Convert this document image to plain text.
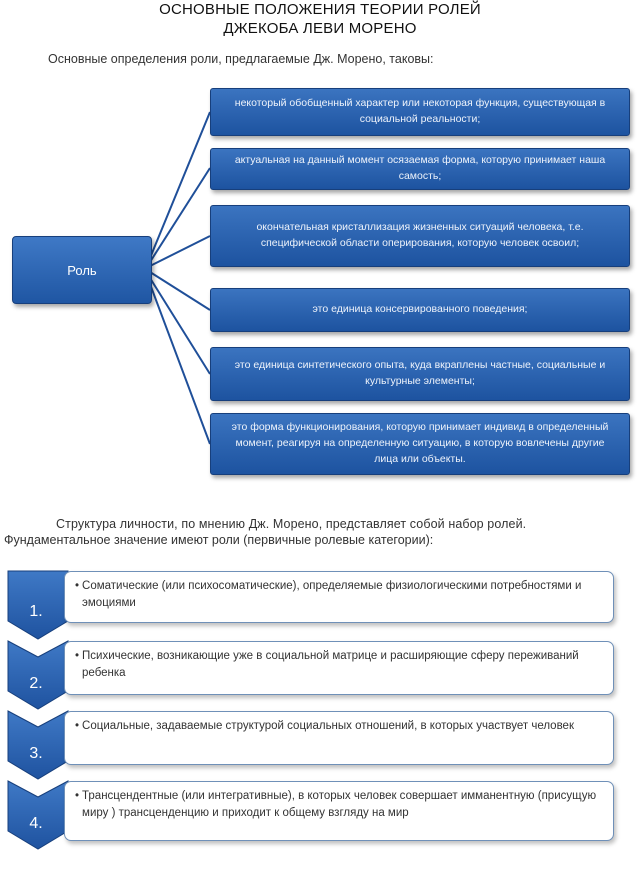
ОСНОВНЫЕ ПОЛОЖЕНИЯ ТЕОРИИ РОЛЕЙ
ДЖЕКОБА ЛЕВИ МОРЕНО
Основные определения роли, предлагаемые Дж. Морено, таковы:
Роль
некоторый обобщенный характер или некоторая функция, существующая в социальной реальности;
актуальная на данный момент осязаемая форма, которую принимает наша самость;
окончательная кристаллизация жизненных ситуаций человека, т.е. специфической области оперирования, которую человек освоил;
это единица консервированного поведения;
это единица синтетического опыта, куда вкраплены частные, социальные и культурные элементы;
это форма функционирования, которую принимает индивид в определенный момент, реагируя на определенную ситуацию, в которую вовлечены другие лица или объекты.
Структура личности, по мнению Дж. Морено, представляет собой набор ролей.
Фундаментальное значение имеют роли (первичные ролевые категории):
1.
• Соматические (или психосоматические), определяемые физиологическими потребностями и эмоциями
2.
• Психические, возникающие уже в социальной матрице и расширяющие сферу переживаний ребенка
3.
• Социальные, задаваемые структурой социальных отношений, в которых участвует человек
4.
• Трансцендентные (или интегративные), в которых человек совершает имманентную (присущую миру ) трансценденцию и приходит к общему взгляду на мир
